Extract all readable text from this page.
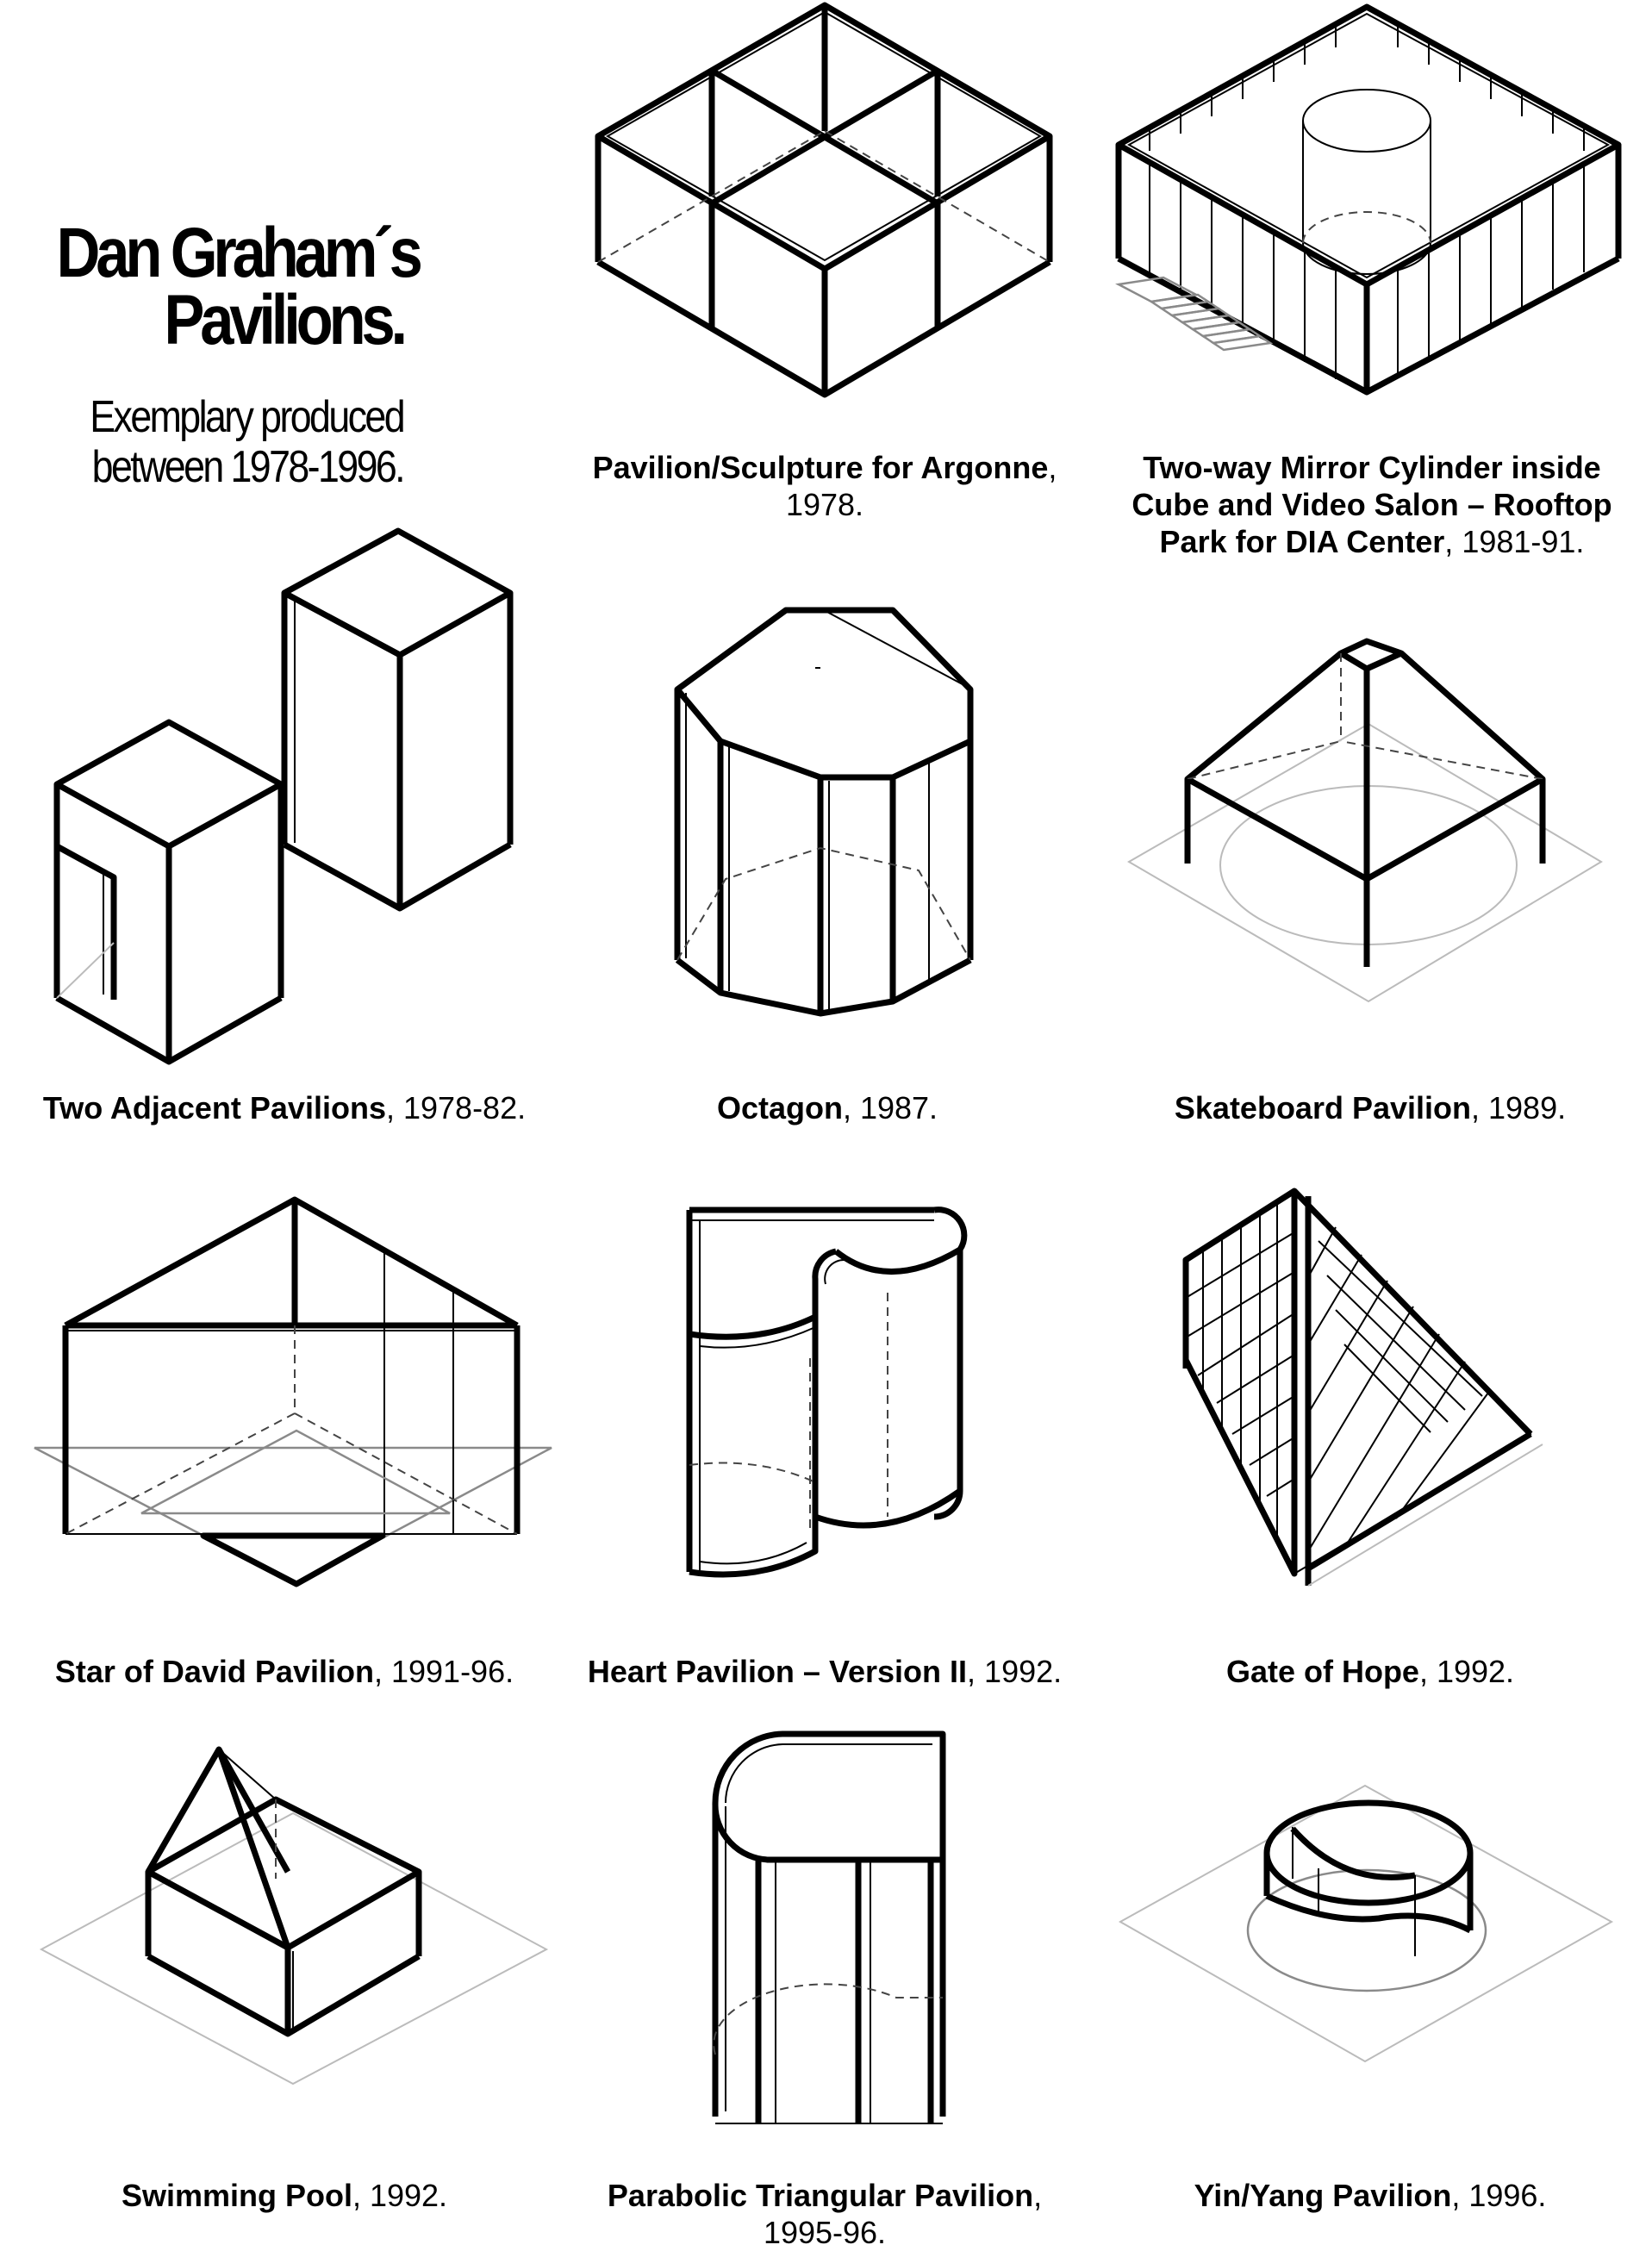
Dan Graham´s
Pavilions.
Exemplary produced
between 1978-1996.	Pavilion/Sculpture for Argonne, 1978.
Two-way Mirror Cylinder inside Cube and Video Salon – Rooftop Park for DIA Center, 1981-91.
Two Adjacent Pavilions, 1978-82.	Octagon, 1987.	Skateboard Pavilion, 1989.
Star of David Pavilion, 1991-96.	Heart Pavilion – Version II, 1992.	Gate of Hope, 1992.
Swimming Pool, 1992.	Parabolic Triangular Pavilion, 1995-96.
Yin/Yang Pavilion, 1996.
